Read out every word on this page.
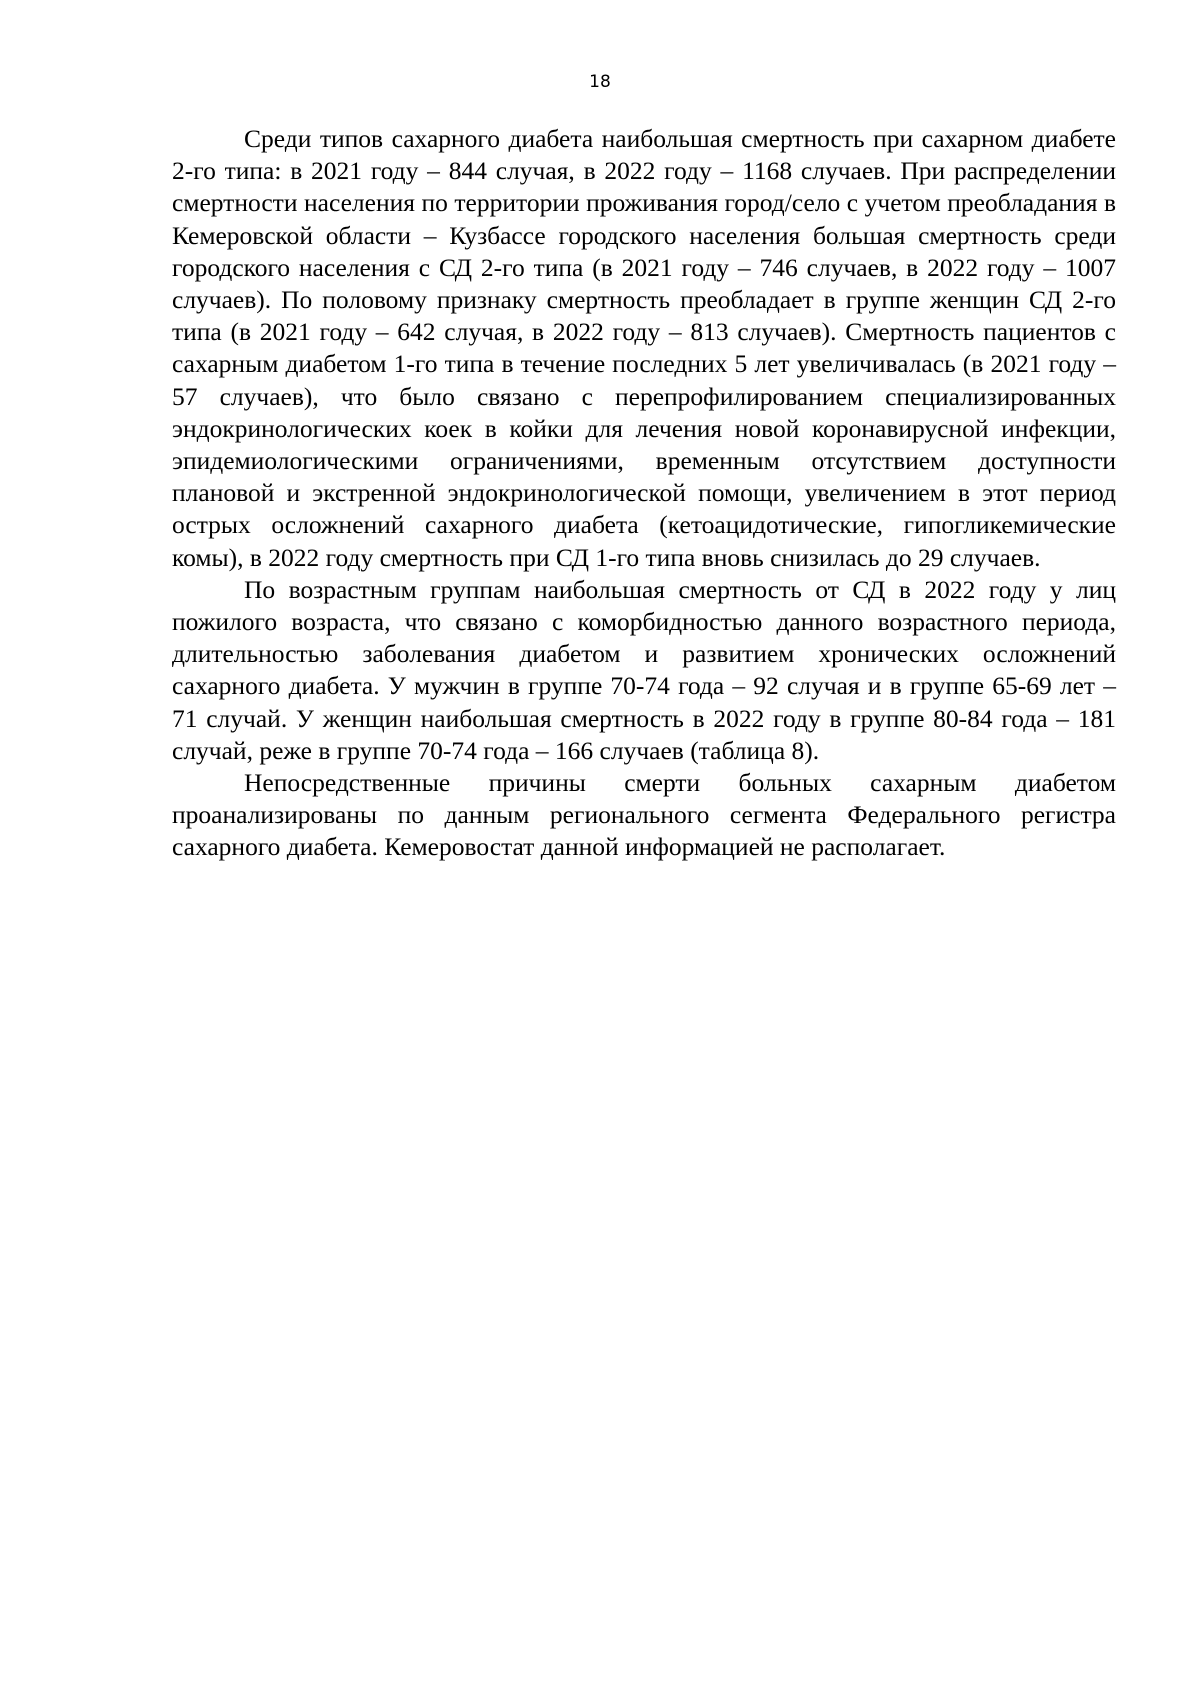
18

Среди типов сахарного диабета наибольшая смертность при сахарном диабете 2-го типа: в 2021 году – 844 случая, в 2022 году – 1168 случаев. При распределении смертности населения по территории проживания город/село с учетом преобладания в Кемеровской области – Кузбассе городского населения большая смертность среди городского населения с СД 2-го типа (в 2021 году – 746 случаев, в 2022 году – 1007 случаев). По половому признаку смертность преобладает в группе женщин СД 2-го типа (в 2021 году – 642 случая, в 2022 году – 813 случаев). Смертность пациентов с сахарным диабетом 1-го типа в течение последних 5 лет увеличивалась (в 2021 году – 57 случаев), что было связано с перепрофилированием специализированных эндокринологических коек в койки для лечения новой коронавирусной инфекции, эпидемиологическими ограничениями, временным отсутствием доступности плановой и экстренной эндокринологической помощи, увеличением в этот период острых осложнений сахарного диабета (кетоацидотические, гипогликемические комы), в 2022 году смертность при СД 1-го типа вновь снизилась до 29 случаев.

По возрастным группам наибольшая смертность от СД в 2022 году у лиц пожилого возраста, что связано с коморбидностью данного возрастного периода, длительностью заболевания диабетом и развитием хронических осложнений сахарного диабета. У мужчин в группе 70-74 года – 92 случая и в группе 65-69 лет – 71 случай. У женщин наибольшая смертность в 2022 году в группе 80-84 года – 181 случай, реже в группе 70-74 года – 166 случаев (таблица 8).

Непосредственные причины смерти больных сахарным диабетом проанализированы по данным регионального сегмента Федерального регистра сахарного диабета. Кемеровостат данной информацией не располагает.
